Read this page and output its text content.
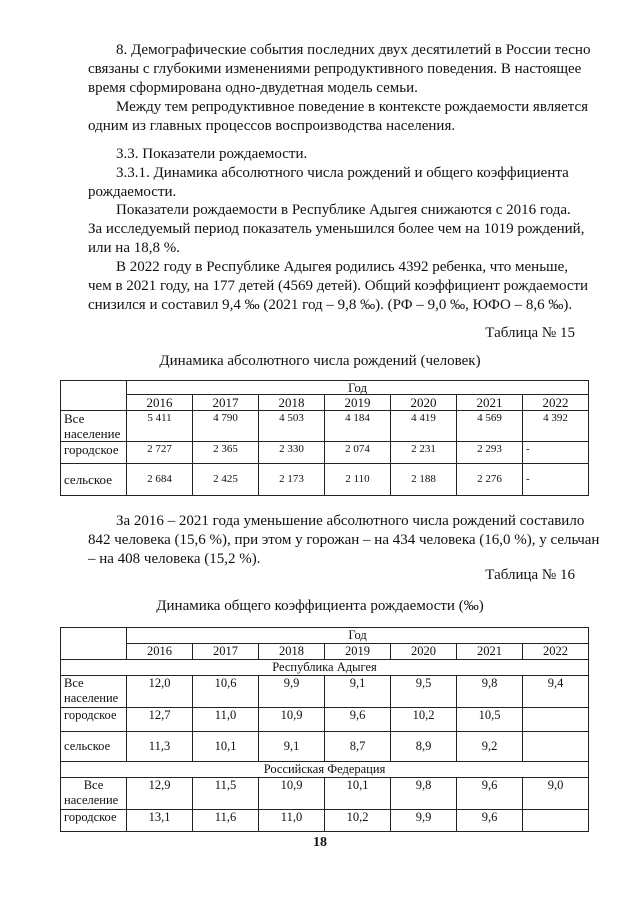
8. Демографические события последних двух десятилетий в России тесно
связаны с глубокими изменениями репродуктивного поведения. В настоящее
время сформирована одно-двудетная модель семьи.
Между тем репродуктивное поведение в контексте рождаемости является
одним из главных процессов воспроизводства населения.
3.3. Показатели рождаемости.
3.3.1. Динамика абсолютного числа рождений и общего коэффициента
рождаемости.
Показатели рождаемости в Республике Адыгея снижаются с 2016 года.
За исследуемый период показатель уменьшился более чем на 1019 рождений,
или на 18,8 %.
В 2022 году в Республике Адыгея родились 4392 ребенка, что меньше,
чем в 2021 году, на 177 детей (4569 детей). Общий коэффициент рождаемости
снизился и составил 9,4 ‰ (2021 год – 9,8 ‰). (РФ – 9,0 ‰, ЮФО – 8,6 ‰).
Таблица № 15
Динамика абсолютного числа рождений (человек)
	Год						
	2016	2017	2018	2019	2020	2021	2022
Все
население	5 411	4 790	4 503	4 184	4 419	4 569	4 392
городское	2 727	2 365	2 330	2 074	2 231	2 293	-
сельское	2 684	2 425	2 173	2 110	2 188	2 276	-
За 2016 – 2021 года уменьшение абсолютного числа рождений составило
842 человека (15,6 %), при этом у горожан – на 434 человека (16,0 %), у сельчан
– на 408 человека (15,2 %).
Таблица № 16
Динамика общего коэффициента рождаемости (‰)
	Год						
	2016	2017	2018	2019	2020	2021	2022
Республика Адыгея							
Все
население	12,0	10,6	9,9	9,1	9,5	9,8	9,4
городское	12,7	11,0	10,9	9,6	10,2	10,5	
сельское	11,3	10,1	9,1	8,7	8,9	9,2	
Российская Федерация							

Все
население	12,9	11,5	10,9	10,1	9,8	9,6	9,0
городское	13,1	11,6	11,0	10,2	9,9	9,6	
18
